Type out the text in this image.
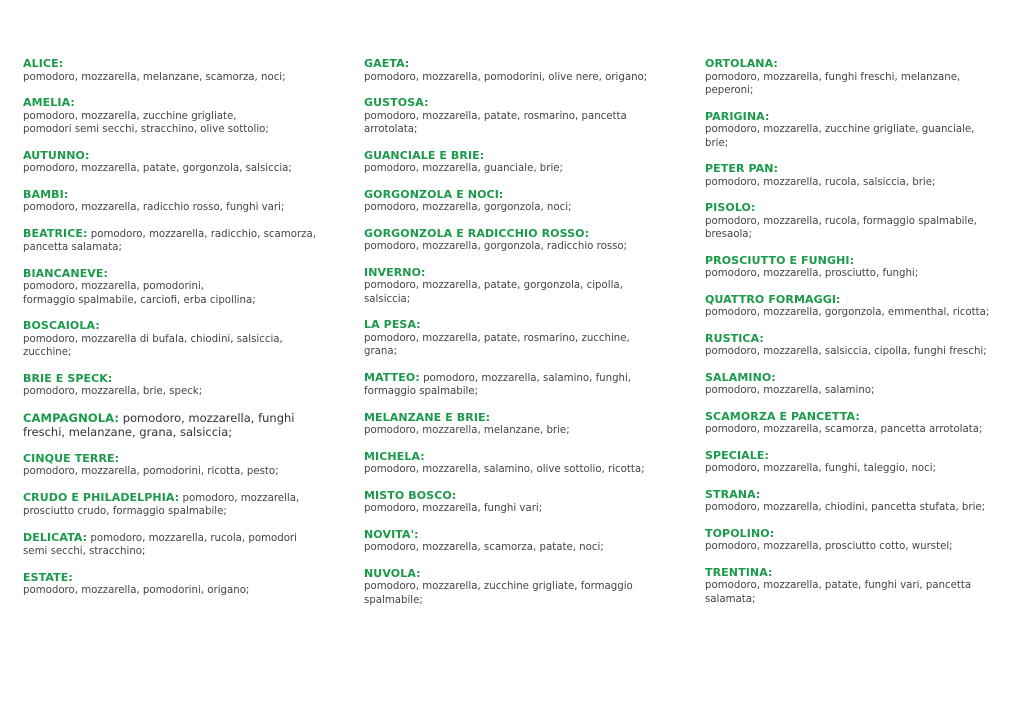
ALICE:
pomodoro, mozzarella, melanzane, scamorza, noci;
AMELIA:
pomodoro, mozzarella, zucchine grigliate,
pomodori semi secchi, stracchino, olive sottolio;
AUTUNNO:
pomodoro, mozzarella, patate, gorgonzola, salsiccia;
BAMBI:
pomodoro, mozzarella, radicchio rosso, funghi vari;
BEATRICE: pomodoro, mozzarella, radicchio, scamorza,
pancetta salamata;
BIANCANEVE:
pomodoro, mozzarella, pomodorini,
formaggio spalmabile, carciofi, erba cipollina;
BOSCAIOLA:
pomodoro, mozzarella di bufala, chiodini, salsiccia,
zucchine;
BRIE E SPECK:
pomodoro, mozzarella, brie, speck;
CAMPAGNOLA: pomodoro, mozzarella, funghi
freschi, melanzane, grana, salsiccia;
CINQUE TERRE:
pomodoro, mozzarella, pomodorini, ricotta, pesto;
CRUDO E PHILADELPHIA: pomodoro, mozzarella,
prosciutto crudo, formaggio spalmabile;
DELICATA: pomodoro, mozzarella, rucola, pomodori
semi secchi, stracchino;
ESTATE:
pomodoro, mozzarella, pomodorini, origano;
GAETA:
pomodoro, mozzarella, pomodorini, olive nere, origano;
GUSTOSA:
pomodoro, mozzarella, patate, rosmarino, pancetta
arrotolata;
GUANCIALE E BRIE:
pomodoro, mozzarella, guanciale, brie;
GORGONZOLA E NOCI:
pomodoro, mozzarella, gorgonzola, noci;
GORGONZOLA E RADICCHIO ROSSO:
pomodoro, mozzarella, gorgonzola, radicchio rosso;
INVERNO:
pomodoro, mozzarella, patate, gorgonzola, cipolla,
salsiccia;
LA PESA:
pomodoro, mozzarella, patate, rosmarino, zucchine,
grana;
MATTEO: pomodoro, mozzarella, salamino, funghi,
formaggio spalmabile;
MELANZANE E BRIE:
pomodoro, mozzarella, melanzane, brie;
MICHELA:
pomodoro, mozzarella, salamino, olive sottolio, ricotta;
MISTO BOSCO:
pomodoro, mozzarella, funghi vari;
NOVITA':
pomodoro, mozzarella, scamorza, patate, noci;
NUVOLA:
pomodoro, mozzarella, zucchine grigliate, formaggio
spalmabile;
ORTOLANA:
pomodoro, mozzarella, funghi freschi, melanzane,
peperoni;
PARIGINA:
pomodoro, mozzarella, zucchine grigliate, guanciale,
brie;
PETER PAN:
pomodoro, mozzarella, rucola, salsiccia, brie;
PISOLO:
pomodoro, mozzarella, rucola, formaggio spalmabile,
bresaola;
PROSCIUTTO E FUNGHI:
pomodoro, mozzarella, prosciutto, funghi;
QUATTRO FORMAGGI:
pomodoro, mozzarella, gorgonzola, emmenthal, ricotta;
RUSTICA:
pomodoro, mozzarella, salsiccia, cipolla, funghi freschi;
SALAMINO:
pomodoro, mozzarella, salamino;
SCAMORZA E PANCETTA:
pomodoro, mozzarella, scamorza, pancetta arrotolata;
SPECIALE:
pomodoro, mozzarella, funghi, taleggio, noci;
STRANA:
pomodoro, mozzarella, chiodini, pancetta stufata, brie;
TOPOLINO:
pomodoro, mozzarella, prosciutto cotto, wurstel;
TRENTINA:
pomodoro, mozzarella, patate, funghi vari, pancetta
salamata;
